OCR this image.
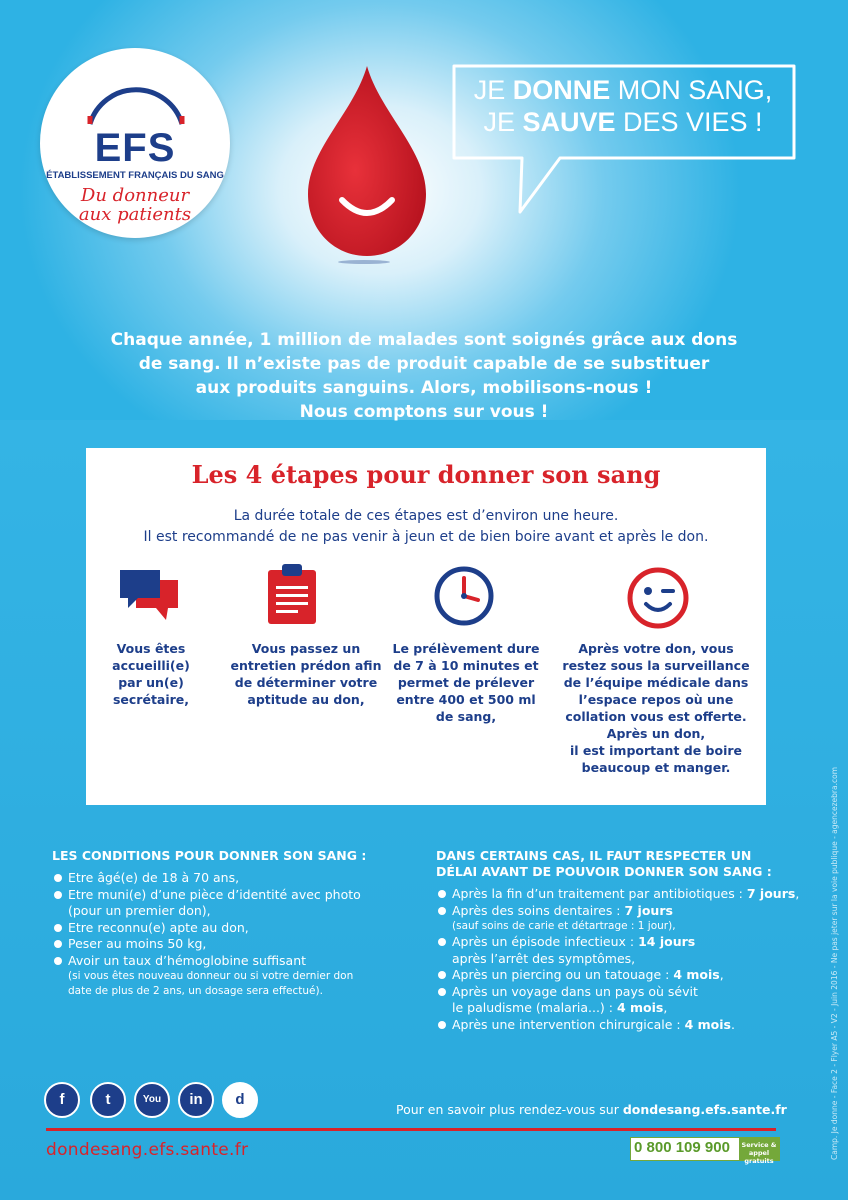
EFS
ÉTABLISSEMENT FRANÇAIS DU SANG
Du donneur
aux patients
JE DONNE MON SANG,
JE SAUVE DES VIES !
Chaque année, 1 million de malades sont soignés grâce aux dons
de sang. Il n’existe pas de produit capable de se substituer
aux produits sanguins. Alors, mobilisons-nous !
Nous comptons sur vous !
Les 4 étapes pour donner son sang
La durée totale de ces étapes est d’environ une heure.
Il est recommandé de ne pas venir à jeun et de bien boire avant et après le don.
Vous êtes
accueilli(e)
par un(e)
secrétaire,
Vous passez un
entretien prédon afin
de déterminer votre
aptitude au don,
Le prélèvement dure
de 7 à 10 minutes et
permet de prélever
entre 400 et 500 ml
de sang,
Après votre don, vous
restez sous la surveillance
de l’équipe médicale dans
l’espace repos où une
collation vous est offerte.
Après un don,
il est important de boire
beaucoup et manger.
LES CONDITIONS POUR DONNER SON SANG :
Etre âgé(e) de 18 à 70 ans,
Etre muni(e) d’une pièce d’identité avec photo
(pour un premier don),
Etre reconnu(e) apte au don,
Peser au moins 50 kg,
Avoir un taux d’hémoglobine suffisant
(si vous êtes nouveau donneur ou si votre dernier don
date de plus de 2 ans, un dosage sera effectué).
DANS CERTAINS CAS, IL FAUT RESPECTER UN
DÉLAI AVANT DE POUVOIR DONNER SON SANG :
Après la fin d’un traitement par antibiotiques : 7 jours,
Après des soins dentaires : 7 jours
(sauf soins de carie et détartrage : 1 jour),
Après un épisode infectieux : 14 jours
après l’arrêt des symptômes,
Après un piercing ou un tatouage : 4 mois,
Après un voyage dans un pays où sévit
le paludisme (malaria...) : 4 mois,
Après une intervention chirurgicale : 4 mois.
f	t	You	in	d
Pour en savoir plus rendez-vous sur dondesang.efs.sante.fr
dondesang.efs.sante.fr	0 800 109 900	Service & appel
gratuits
Camp. Je donne - Face 2 - Flyer A5 - V2 - Juin 2016 - Ne pas jeter sur la voie publique - agencezebra.com
